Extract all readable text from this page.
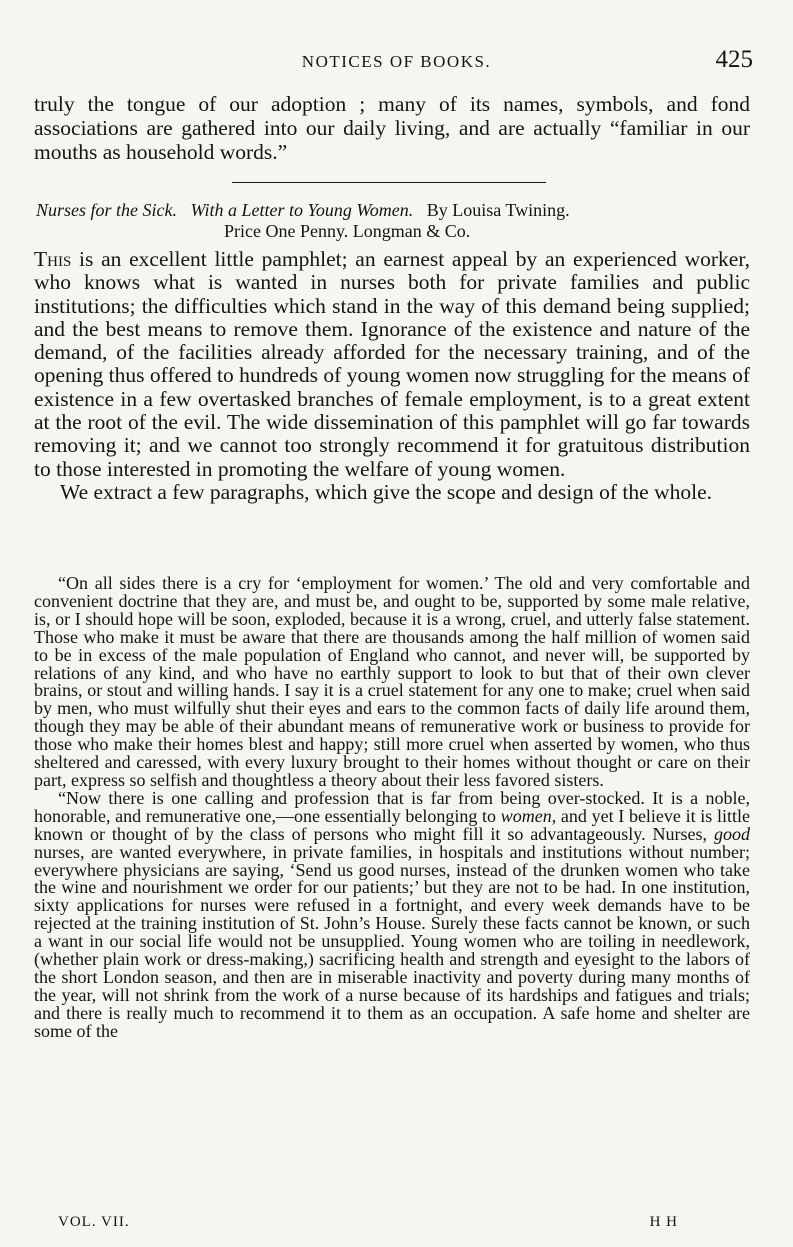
NOTICES OF BOOKS.	425

truly the tongue of our adoption ; many of its names, symbols, and fond associations are gathered into our daily living, and are actually “familiar in our mouths as household words.”

Nurses for the Sick. With a Letter to Young Women. By Louisa Twining.
Price One Penny. Longman & Co.

This is an excellent little pamphlet; an earnest appeal by an experienced worker, who knows what is wanted in nurses both for private families and public institutions; the difficulties which stand in the way of this demand being supplied; and the best means to remove them. Ignorance of the existence and nature of the demand, of the facilities already afforded for the necessary training, and of the opening thus offered to hundreds of young women now struggling for the means of existence in a few overtasked branches of female employment, is to a great extent at the root of the evil. The wide dissemination of this pamphlet will go far towards removing it; and we cannot too strongly recommend it for gratuitous distribution to those interested in promoting the welfare of young women.

We extract a few paragraphs, which give the scope and design of the whole.

“On all sides there is a cry for ‘employment for women.’ The old and very comfortable and convenient doctrine that they are, and must be, and ought to be, supported by some male relative, is, or I should hope will be soon, exploded, because it is a wrong, cruel, and utterly false statement. Those who make it must be aware that there are thousands among the half million of women said to be in excess of the male population of England who cannot, and never will, be supported by relations of any kind, and who have no earthly support to look to but that of their own clever brains, or stout and willing hands. I say it is a cruel statement for any one to make; cruel when said by men, who must wilfully shut their eyes and ears to the common facts of daily life around them, though they may be able of their abundant means of remunerative work or business to provide for those who make their homes blest and happy; still more cruel when asserted by women, who thus sheltered and caressed, with every luxury brought to their homes without thought or care on their part, express so selfish and thoughtless a theory about their less favored sisters.

“Now there is one calling and profession that is far from being over-stocked. It is a noble, honorable, and remunerative one,—one essentially belonging to women, and yet I believe it is little known or thought of by the class of persons who might fill it so advantageously. Nurses, good nurses, are wanted everywhere, in private families, in hospitals and institutions without number; everywhere physicians are saying, ‘Send us good nurses, instead of the drunken women who take the wine and nourishment we order for our patients;’ but they are not to be had. In one institution, sixty applications for nurses were refused in a fortnight, and every week demands have to be rejected at the training institution of St. John’s House. Surely these facts cannot be known, or such a want in our social life would not be unsupplied. Young women who are toiling in needlework, (whether plain work or dress-making,) sacrificing health and strength and eyesight to the labors of the short London season, and then are in miserable inactivity and poverty during many months of the year, will not shrink from the work of a nurse because of its hardships and fatigues and trials; and there is really much to recommend it to them as an occupation. A safe home and shelter are some of the

VOL. VII.	H H
